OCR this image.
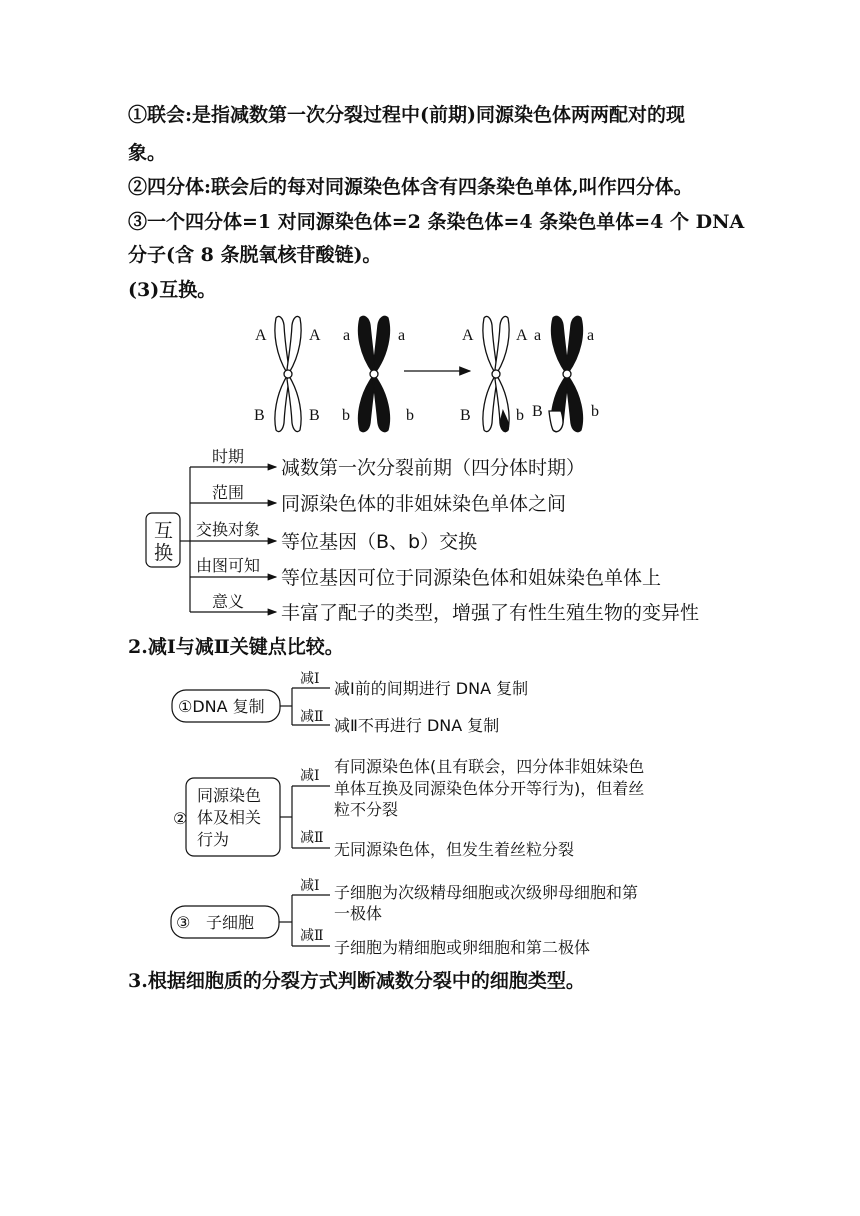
①联会:是指减数第一次分裂过程中(前期)同源染色体两两配对的现
象。
②四分体:联会后的每对同源染色体含有四条染色单体,叫作四分体。
③一个四分体=1 对同源染色体=2 条染色体=4 条染色单体=4 个 DNA
分子(含 8 条脱氧核苷酸链)。
(3)互换。
A	A a	a	A	A a	a
B	B b	b	B	b B	b
互
换
时期
减数第一次分裂前期（四分体时期）
范围
同源染色体的非姐妹染色单体之间
交换对象
等位基因（B、b）交换
由图可知
等位基因可位于同源染色体和姐妹染色单体上
意义
丰富了配子的类型，增强了有性生殖生物的变异性
①DNA 复制
减Ⅰ
减Ⅱ
减Ⅰ前的间期进行 DNA 复制
减Ⅱ不再进行 DNA 复制
②
同源染色
体及相关
行为
减Ⅰ
减Ⅱ
有同源染色体(且有联会，四分体非姐妹染色
单体互换及同源染色体分开等行为)，但着丝
粒不分裂
无同源染色体，但发生着丝粒分裂
③ 子细胞
减Ⅰ
减Ⅱ
子细胞为次级精母细胞或次级卵母细胞和第
一极体
子细胞为精细胞或卵细胞和第二极体
2.减Ⅰ与减Ⅱ关键点比较。
3.根据细胞质的分裂方式判断减数分裂中的细胞类型。
